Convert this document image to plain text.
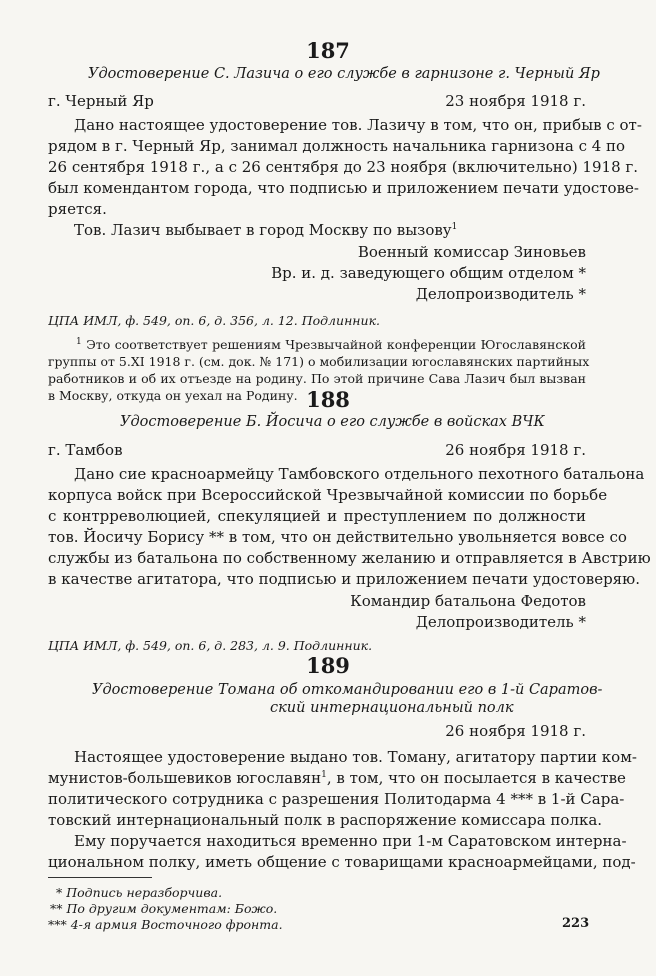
187
Удостоверение С. Лазича о его службе в гарнизоне г. Черный Яр
г. Черный Яр	23 ноября 1918 г.
Дано настоящее удостоверение тов. Лазичу в том, что он, прибыв с от-
рядом в г. Черный Яр, занимал должность начальника гарнизона с 4 по
26 сентября 1918 г., а с 26 сентября до 23 ноября (включительно) 1918 г.
был комендантом города, что подписью и приложением печати удостове-
ряется.
Тов. Лазич выбывает в город Москву по вызову$^1$
Военный комиссар Зиновьев
Вр. и. д. заведующего общим отделом *
Делопроизводитель *
ЦПА ИМЛ, ф. 549, оп. 6, д. 356, л. 12. Подлинник.
$^1$ Это соответствует решениям Чрезвычайной конференции Югославянской
группы от 5.XI 1918 г. (см. док. № 171) о мобилизации югославянских партийных
работников и об их отъезде на родину. По этой причине Сава Лазич был вызван
в Москву, откуда он уехал на Родину. 188
Удостоверение Б. Йосича о его службе в войсках ВЧК
г. Тамбов	26 ноября 1918 г.
Дано сие красноармейцу Тамбовского отдельного пехотного батальона
корпуса войск при Всероссийской Чрезвычайной комиссии по борьбе
с контрреволюцией, спекуляцией и преступлением по должности
тов. Йосичу Борису ** в том, что он действительно увольняется вовсе со
службы из батальона по собственному желанию и отправляется в Австрию
в качестве агитатора, что подписью и приложением печати удостоверяю.
Командир батальона Федотов
Делопроизводитель *
ЦПА ИМЛ, ф. 549, оп. 6, д. 283, л. 9. Подлинник.
189
Удостоверение Томана об откомандировании его в 1-й Саратов-
ский интернациональный полк
26 ноября 1918 г.
Настоящее удостоверение выдано тов. Томану, агитатору партии ком-
мунистов-большевиков югославян$^1$, в том, что он посылается в качестве
политического сотрудника с разрешения Политодарма 4 *** в 1-й Сара-
товский интернациональный полк в распоряжение комиссара полка.
Ему поручается находиться временно при 1-м Саратовском интерна-
циональном полку, иметь общение с товарищами красноармейцами, под-
* Подпись неразборчива.
** По другим документам: Божо.
*** 4-я армия Восточного фронта.	223
